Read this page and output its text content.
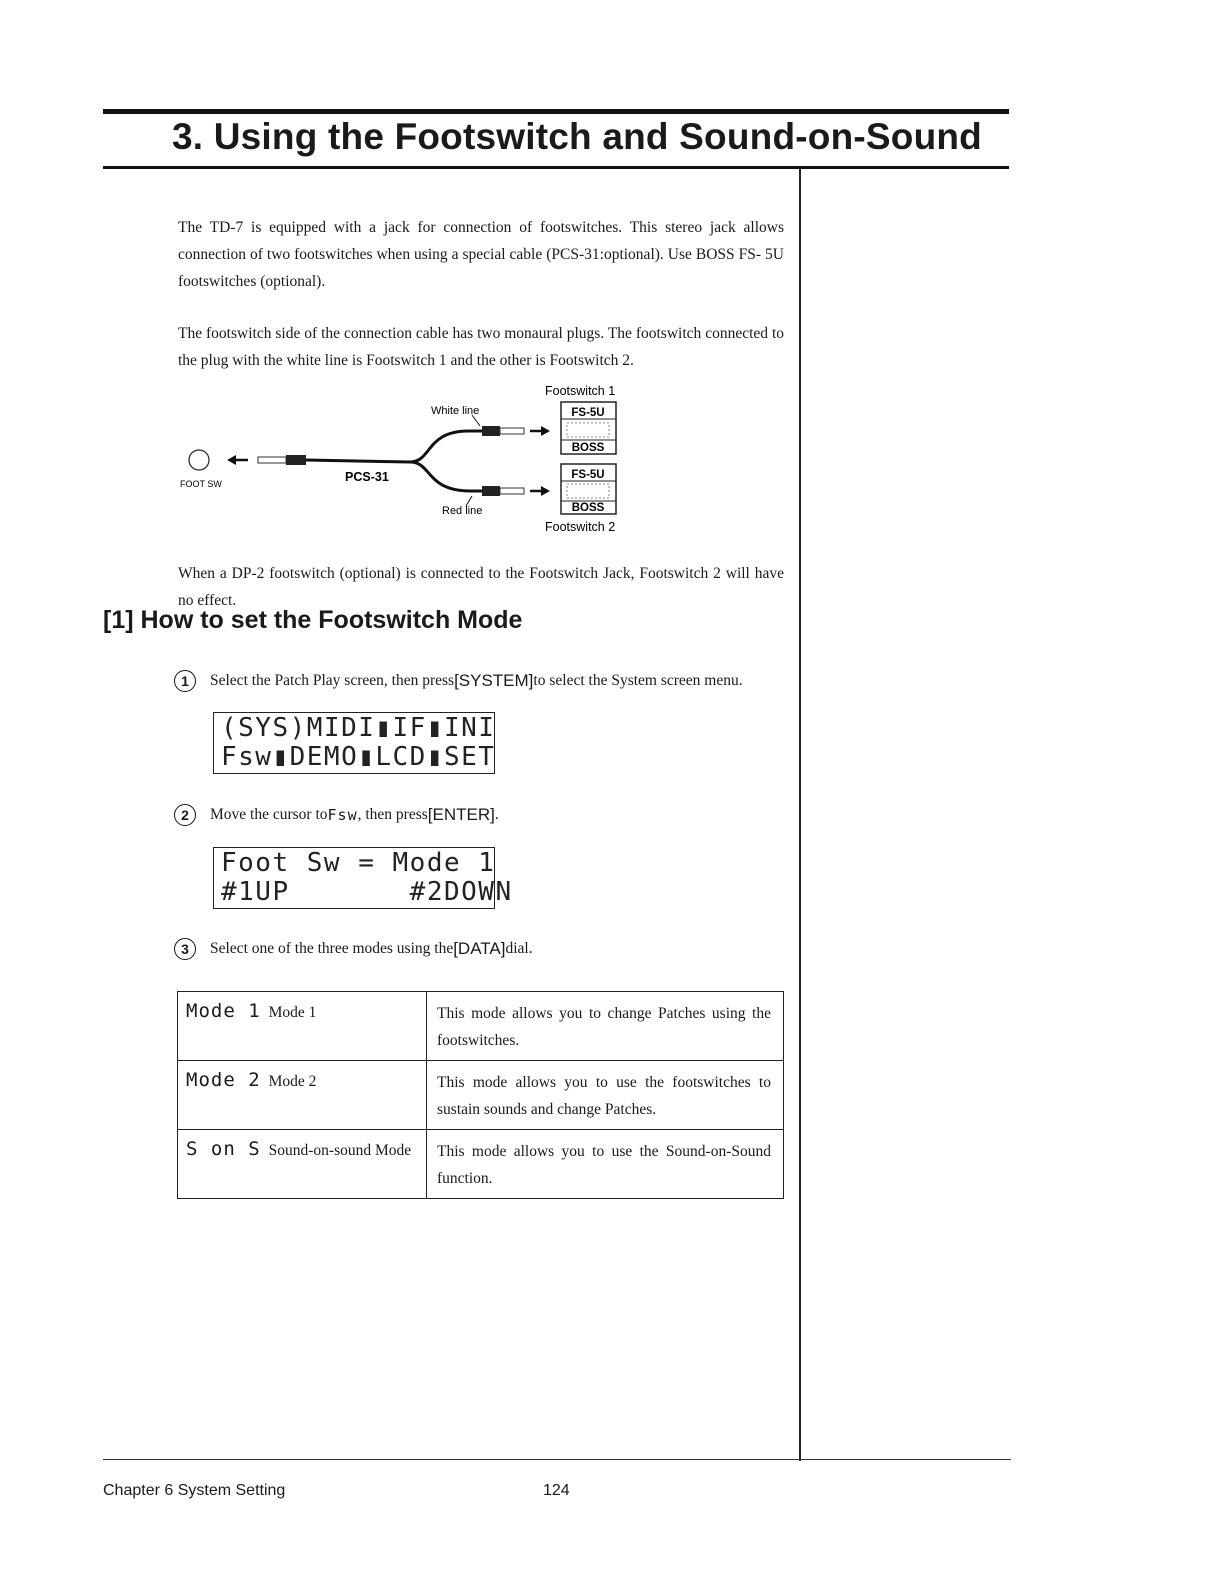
3. Using the Footswitch and Sound-on-Sound
The TD-7 is equipped with a jack for connection of footswitches. This stereo jack allows connection of two footswitches when using a special cable (PCS-31:optional). Use BOSS FS- 5U footswitches (optional).
The footswitch side of the connection cable has two monaural plugs. The footswitch connected to the plug with the white line is Footswitch 1 and the other is Footswitch 2.
Footswitch 1
White line
FOOT SW	PCS-31
FS-5U
BOSS
FS-5U
BOSS
Red line
Footswitch 2
When a DP-2 footswitch (optional) is connected to the Footswitch Jack, Footswitch 2 will have no effect.
[1] How to set the Footswitch Mode
1	Select the Patch Play screen, then press [SYSTEM] to select the System screen menu.
(SYS)MIDI▮IF▮INI
Fsw▮DEMO▮LCD▮SET
2	Move the cursor to Fsw , then press [ENTER] .
Foot Sw = Mode 1
#1UP       #2DOWN
3	Select one of the three modes using the [DATA] dial.
Mode 1 Mode 1	This mode allows you to change Patches using the footswitches.
Mode 2 Mode 2	This mode allows you to use the footswitches to sustain sounds and change Patches.
S on S Sound-on-sound Mode	This mode allows you to use the Sound-on-Sound function.
Chapter 6 System Setting	124
